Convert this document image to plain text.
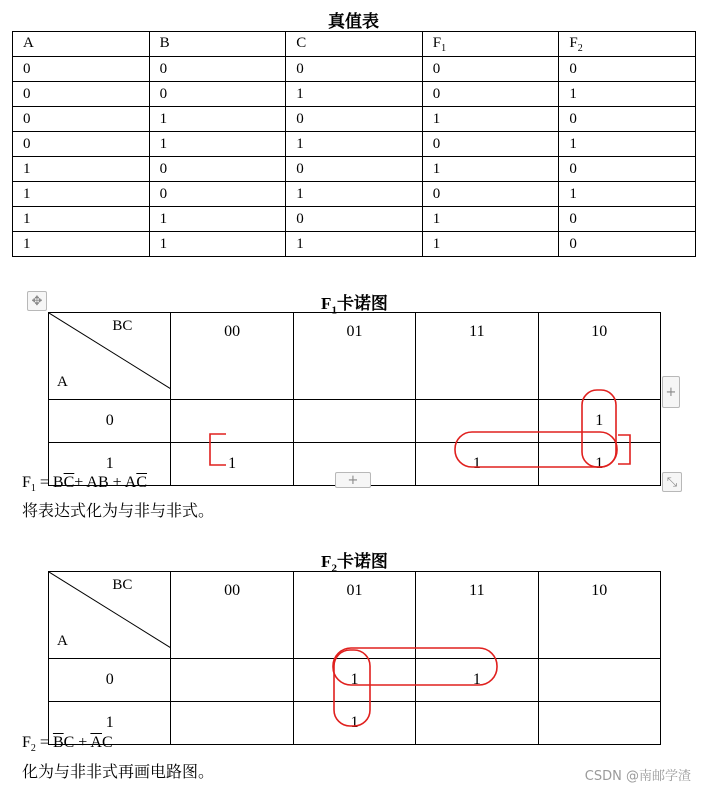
真值表
A	B	C	$F_1$	$F_2$
0	0	0	0	0
0	0	1	0	1
0	1	0	1	0
0	1	1	0	1
1	0	0	1	0
1	0	1	0	1
1	1	0	1	0
1	1	1	1	0
✥	$F_1$卡诺图
BC
A	00	01	11	10
0				1
1	1		1	1
+
+	⤡
$F_1 = B\overline{C}+$ AB + $A\overline{C}$
将表达式化为与非与非式。
$F_2$卡诺图
BC
A	00	01	11	10
0		1	1	
1		1		
$F_2 = \overline{B}C + \overline{A}C$
化为与非非式再画电路图。	CSDN @南邮学渣
